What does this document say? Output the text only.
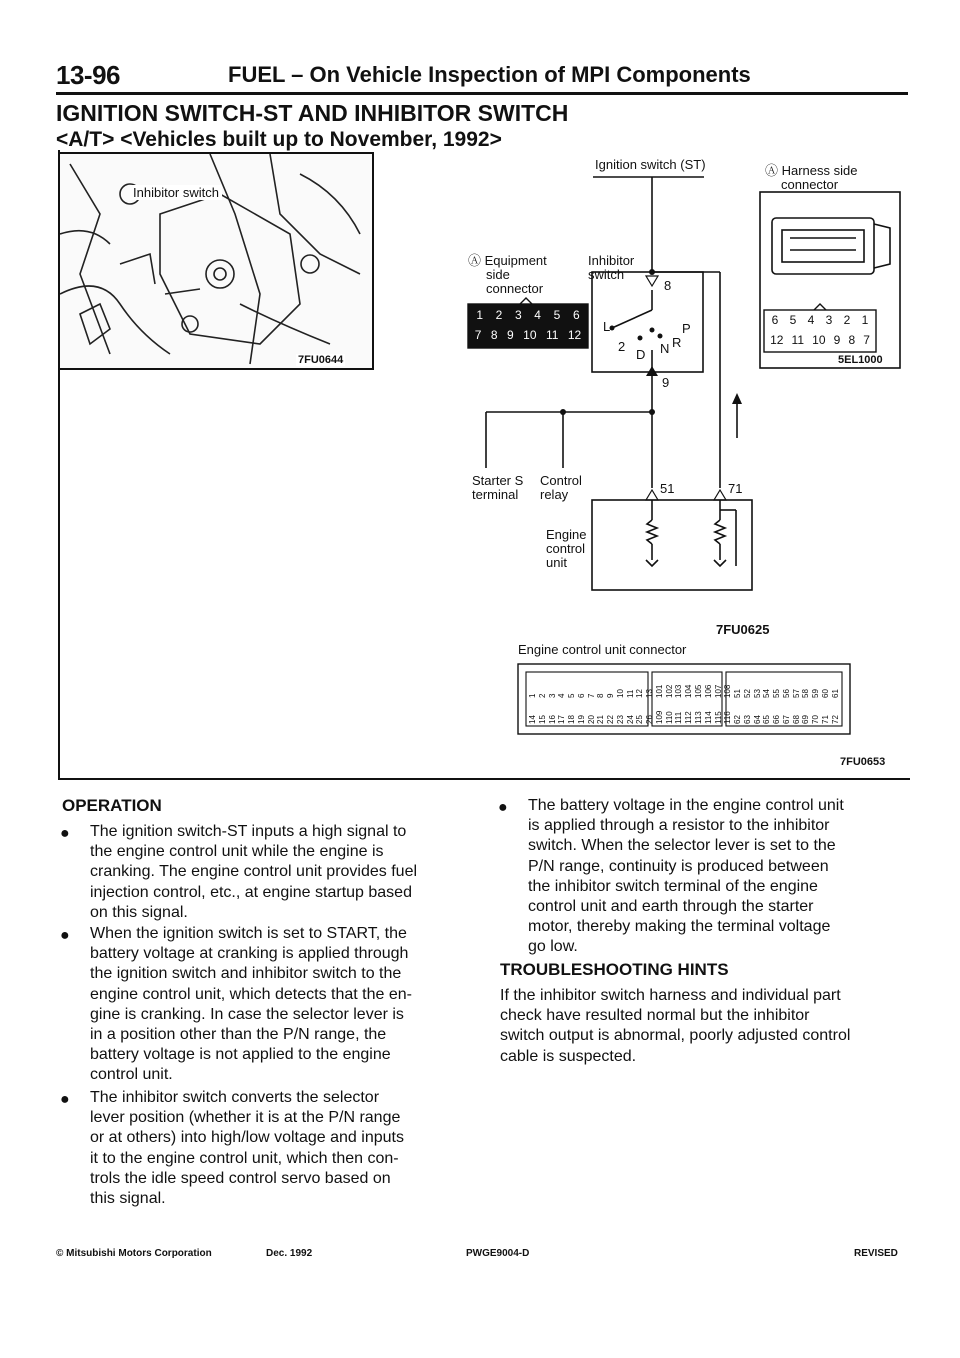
13-96	FUEL – On Vehicle Inspection of MPI Components
IGNITION SWITCH-ST AND INHIBITOR SWITCH
<A/T> <Vehicles built up to November, 1992>
Inhibitor switch
7FU0644
1 2 3 4 5 6
7 8 9 10 11 12
6 5 4 3 2 1
12 11 10 9 8 7
Ignition switch (ST)	Ⓐ Harness side
connector
Ⓐ Equipment
side
connector
Inhibitor
switch
8
9
L
2
D N R
P
5EL1000
Starter S
terminal
Control
relay	51	71
Engine
control
unit
7FU0625
Engine control unit connector
1 2 3 4 5 6 7 8 9 10 11 12 13 101 102 103 104 105 106 107 108 51 52 53 54 55 56 57 58 59 60 61
14 15 16 17 18 19 20 21 22 23 24 25 26 109 110 111 112 113 114 115 116 62 63 64 65 66 67 68 69 70 71 72
7FU0653
OPERATION
● The ignition switch-ST inputs a high signal to
the engine control unit while the engine is
cranking. The engine control unit provides fuel
injection control, etc., at engine startup based
on this signal.
● When the ignition switch is set to START, the
battery voltage at cranking is applied through
the ignition switch and inhibitor switch to the
engine control unit, which detects that the en-
gine is cranking. In case the selector lever is
in a position other than the P/N range, the
battery voltage is not applied to the engine
control unit.
● The inhibitor switch converts the selector
lever position (whether it is at the P/N range
or at others) into high/low voltage and inputs
it to the engine control unit, which then con-
trols the idle speed control servo based on
this signal.
● The battery voltage in the engine control unit
is applied through a resistor to the inhibitor
switch. When the selector lever is set to the
P/N range, continuity is produced between
the inhibitor switch terminal of the engine
control unit and earth through the starter
motor, thereby making the terminal voltage
go low.
TROUBLESHOOTING HINTS
If the inhibitor switch harness and individual part
check have resulted normal but the inhibitor
switch output is abnormal, poorly adjusted control
cable is suspected.
© Mitsubishi Motors Corporation	Dec. 1992	PWGE9004-D	REVISED
